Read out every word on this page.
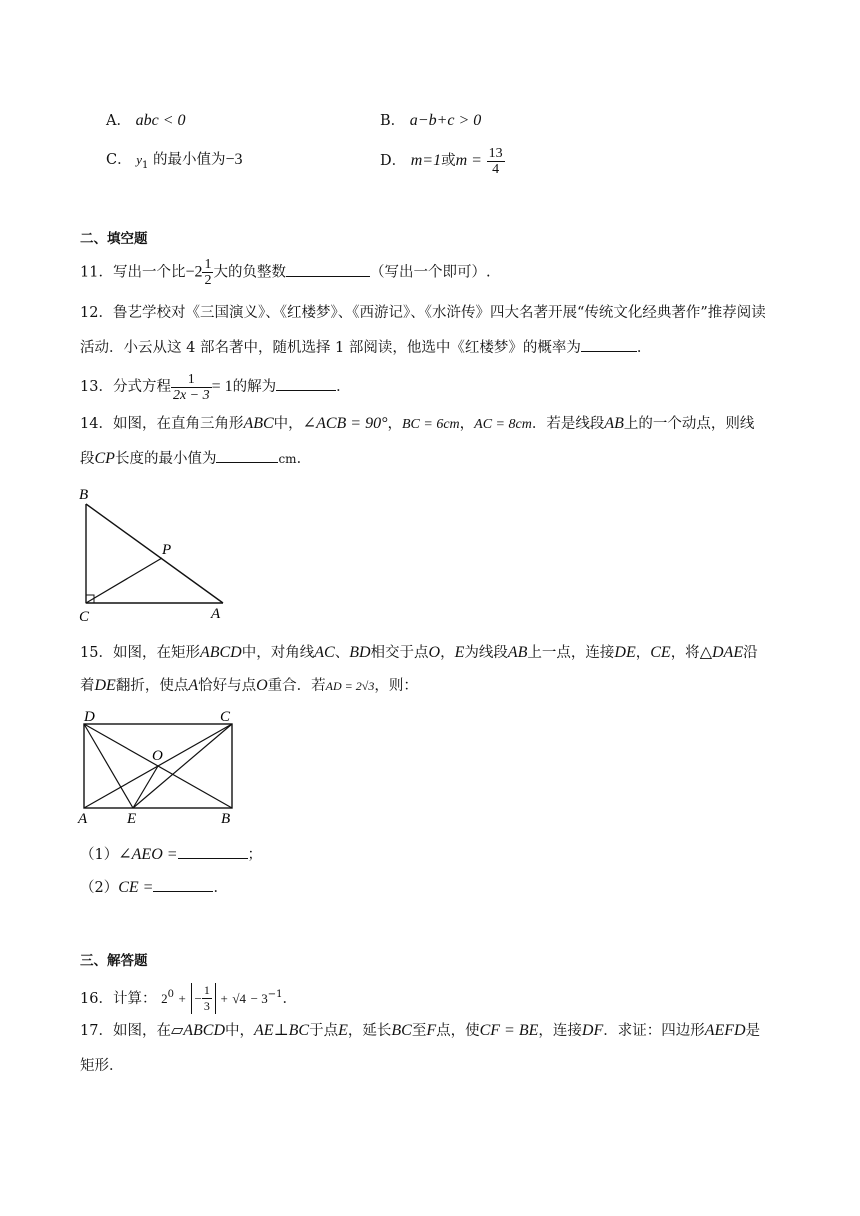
A． abc < 0	B． a−b+c > 0
C． $y_1$ 的最小值为−3	D． m=1或$m = \frac{13}{4}$
二、填空题
11．写出一个比$-2 \frac{1}{2}$ 大的负整数	（写出一个即可）.
12．鲁艺学校对《三国演义》、《红楼梦》、《西游记》、《水浒传》四大名著开展“传统文化经典著作”推荐阅读
活动．小云从这 4 部名著中，随机选择 1 部阅读，他选中《红楼梦》的概率为	．
13．分式方程 $\frac{1}{2x - 3} = 1$的解为	．
14．如图，在直角三角形ABC中，∠ACB = 90°，BC = 6cm，AC = 8cm．若是线段AB上的一个动点，则线
段CP长度的最小值为	cm．
B
P
C	A
15．如图，在矩形ABCD中，对角线AC、BD相交于点O，E为线段AB上一点，连接DE，CE，将△DAE沿
着DE翻折，使点A恰好与点O重合．若AD = 2√3，则：
D	C
O
A	E	B
（1）∠AEO =	；
（2）CE =	．
三、解答题
16．计算： $2^0$ + − $\frac{1}{3} + √4 - 3^{-1}$．
17．如图，在▱ABCD中，AE⊥BC于点E，延长BC至F点，使CF = BE，连接DF．求证：四边形AEFD是
矩形．
